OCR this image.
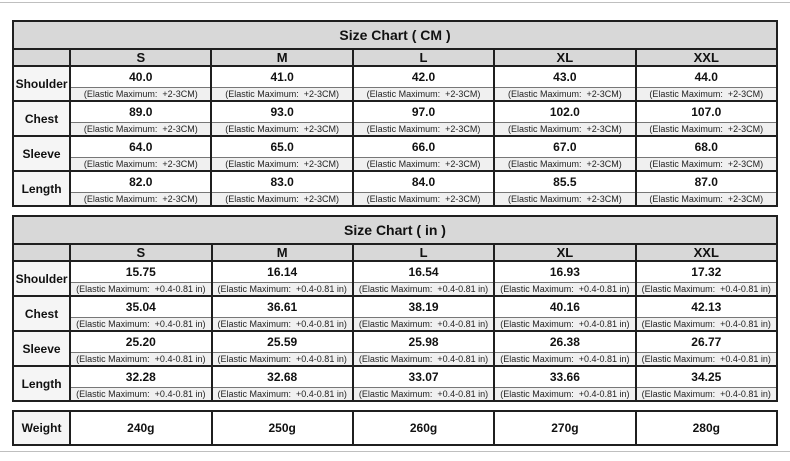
Size Chart ( CM )					
	S	M	L	XL	XXL
Shoulder	40.0	41.0	42.0	43.0	44.0
	(Elastic Maximum:  +2-3CM)	(Elastic Maximum:  +2-3CM)	(Elastic Maximum:  +2-3CM)	(Elastic Maximum:  +2-3CM)	(Elastic Maximum:  +2-3CM)
Chest	89.0	93.0	97.0	102.0	107.0
	(Elastic Maximum:  +2-3CM)	(Elastic Maximum:  +2-3CM)	(Elastic Maximum:  +2-3CM)	(Elastic Maximum:  +2-3CM)	(Elastic Maximum:  +2-3CM)
Sleeve	64.0	65.0	66.0	67.0	68.0
	(Elastic Maximum:  +2-3CM)	(Elastic Maximum:  +2-3CM)	(Elastic Maximum:  +2-3CM)	(Elastic Maximum:  +2-3CM)	(Elastic Maximum:  +2-3CM)
Length	82.0	83.0	84.0	85.5	87.0
	(Elastic Maximum:  +2-3CM)	(Elastic Maximum:  +2-3CM)	(Elastic Maximum:  +2-3CM)	(Elastic Maximum:  +2-3CM)	(Elastic Maximum:  +2-3CM)
Size Chart ( in )					
	S	M	L	XL	XXL
Shoulder	15.75	16.14	16.54	16.93	17.32
	(Elastic Maximum:  +0.4-0.81 in)	(Elastic Maximum:  +0.4-0.81 in)	(Elastic Maximum:  +0.4-0.81 in)	(Elastic Maximum:  +0.4-0.81 in)	(Elastic Maximum:  +0.4-0.81 in)
Chest	35.04	36.61	38.19	40.16	42.13
	(Elastic Maximum:  +0.4-0.81 in)	(Elastic Maximum:  +0.4-0.81 in)	(Elastic Maximum:  +0.4-0.81 in)	(Elastic Maximum:  +0.4-0.81 in)	(Elastic Maximum:  +0.4-0.81 in)
Sleeve	25.20	25.59	25.98	26.38	26.77
	(Elastic Maximum:  +0.4-0.81 in)	(Elastic Maximum:  +0.4-0.81 in)	(Elastic Maximum:  +0.4-0.81 in)	(Elastic Maximum:  +0.4-0.81 in)	(Elastic Maximum:  +0.4-0.81 in)
Length	32.28	32.68	33.07	33.66	34.25
	(Elastic Maximum:  +0.4-0.81 in)	(Elastic Maximum:  +0.4-0.81 in)	(Elastic Maximum:  +0.4-0.81 in)	(Elastic Maximum:  +0.4-0.81 in)	(Elastic Maximum:  +0.4-0.81 in)
Weight	240g	250g	260g	270g	280g
